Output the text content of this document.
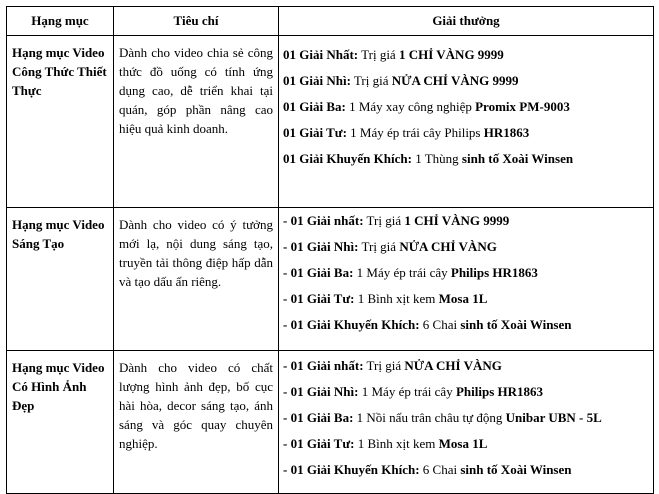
Hạng mục	Tiêu chí	Giải thưởng
Hạng mục Video Công Thức Thiết Thực	Dành cho video chia sẻ công thức đồ uống có tính ứng dụng cao, dễ triển khai tại quán, góp phần nâng cao hiệu quả kinh doanh.	01 Giải Nhất: Trị giá 1 CHỈ VÀNG 9999
01 Giải Nhì: Trị giá NỬA CHỈ VÀNG 9999
01 Giải Ba: 1 Máy xay công nghiệp Promix PM-9003
01 Giải Tư: 1 Máy ép trái cây Philips HR1863
01 Giải Khuyến Khích: 1 Thùng sinh tố Xoài Winsen

Hạng mục Video Sáng Tạo	Dành cho video có ý tưởng mới lạ, nội dung sáng tạo, truyền tải thông điệp hấp dẫn và tạo dấu ấn riêng.	- 01 Giải nhất: Trị giá 1 CHỈ VÀNG 9999
- 01 Giải Nhì: Trị giá NỬA CHỈ VÀNG
- 01 Giải Ba: 1 Máy ép trái cây Philips HR1863
- 01 Giải Tư: 1 Bình xịt kem Mosa 1L
- 01 Giải Khuyến Khích: 6 Chai sinh tố Xoài Winsen

Hạng mục Video Có Hình Ảnh Đẹp	Dành cho video có chất lượng hình ảnh đẹp, bố cục hài hòa, decor sáng tạo, ánh sáng và góc quay chuyên nghiệp.	- 01 Giải nhất: Trị giá NỬA CHỈ VÀNG
- 01 Giải Nhì: 1 Máy ép trái cây Philips HR1863
- 01 Giải Ba: 1 Nồi nấu trân châu tự động Unibar UBN - 5L
- 01 Giải Tư: 1 Bình xịt kem Mosa 1L
- 01 Giải Khuyến Khích: 6 Chai sinh tố Xoài Winsen
